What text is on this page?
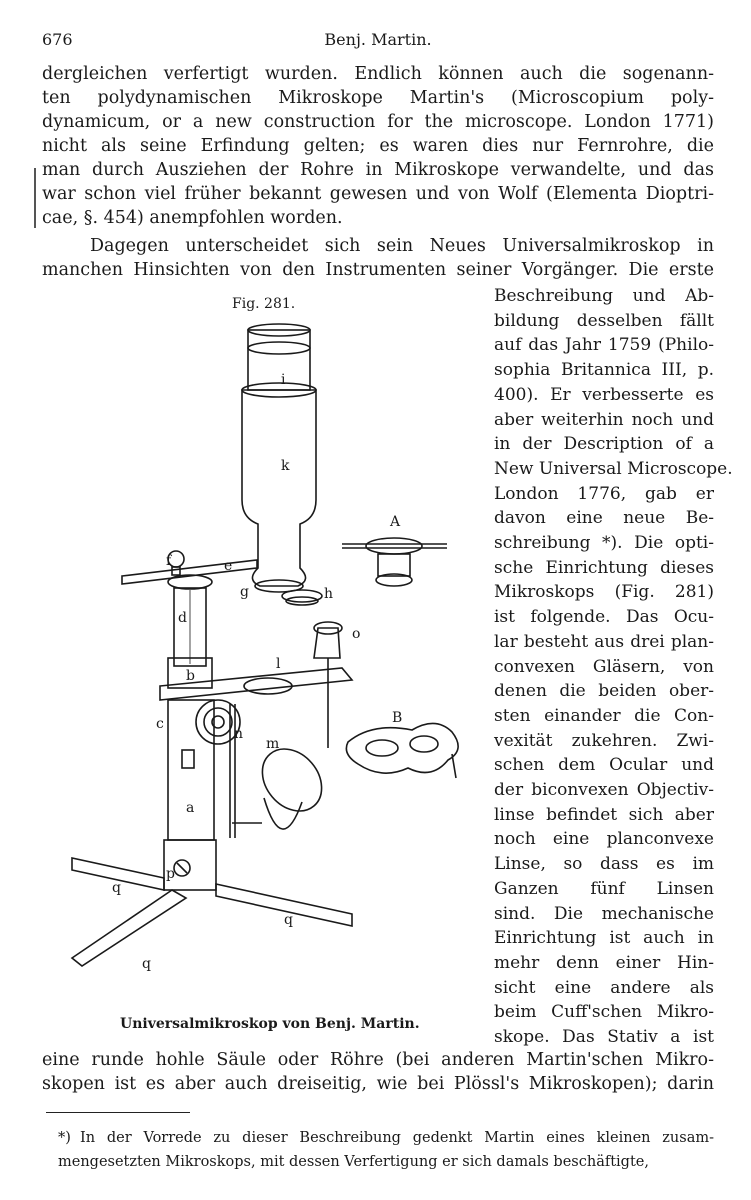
676	Benj. Martin.
dergleichen verfertigt wurden. Endlich können auch die sogenann-
ten polydynamischen Mikroskope Martin's (Microscopium poly-
dynamicum, or a new construction for the microscope. London 1771)
nicht als seine Erfindung gelten; es waren dies nur Fernrohre, die
man durch Ausziehen der Rohre in Mikroskope verwandelte, und das
war schon viel früher bekannt gewesen und von Wolf (Elementa Dioptri-
cae, §. 454) anempfohlen worden.
Dagegen unterscheidet sich sein Neues Universalmikroskop in
manchen Hinsichten von den Instrumenten seiner Vorgänger. Die erste
Beschreibung und Ab-
bildung desselben fällt
auf das Jahr 1759 (Philo-
sophia Britannica III, p.
400). Er verbesserte es
aber weiterhin noch und
in der Description of a
New Universal Microscope.
London 1776, gab er
davon eine neue Be-
schreibung *). Die opti-
sche Einrichtung dieses
Mikroskops (Fig. 281)
ist folgende. Das Ocu-
lar besteht aus drei plan-
convexen Gläsern, von
denen die beiden ober-
sten einander die Con-
vexität zukehren. Zwi-
schen dem Ocular und
der biconvexen Objectiv-
linse befindet sich aber
noch eine planconvexe
Linse, so dass es im
Ganzen fünf Linsen
sind. Die mechanische
Einrichtung ist auch in
mehr denn einer Hin-
sicht eine andere als
beim Cuff'schen Mikro-
skope. Das Stativ a ist
Fig. 281.
i
k
A
f	e
g	h
d
o
l
b
B
c
n
m
a
p
q
q
q
Universalmikroskop von Benj. Martin.
eine runde hohle Säule oder Röhre (bei anderen Martin'schen Mikro-
skopen ist es aber auch dreiseitig, wie bei Plössl's Mikroskopen); darin
*) In der Vorrede zu dieser Beschreibung gedenkt Martin eines kleinen zusam-
mengesetzten Mikroskops, mit dessen Verfertigung er sich damals beschäftigte,
